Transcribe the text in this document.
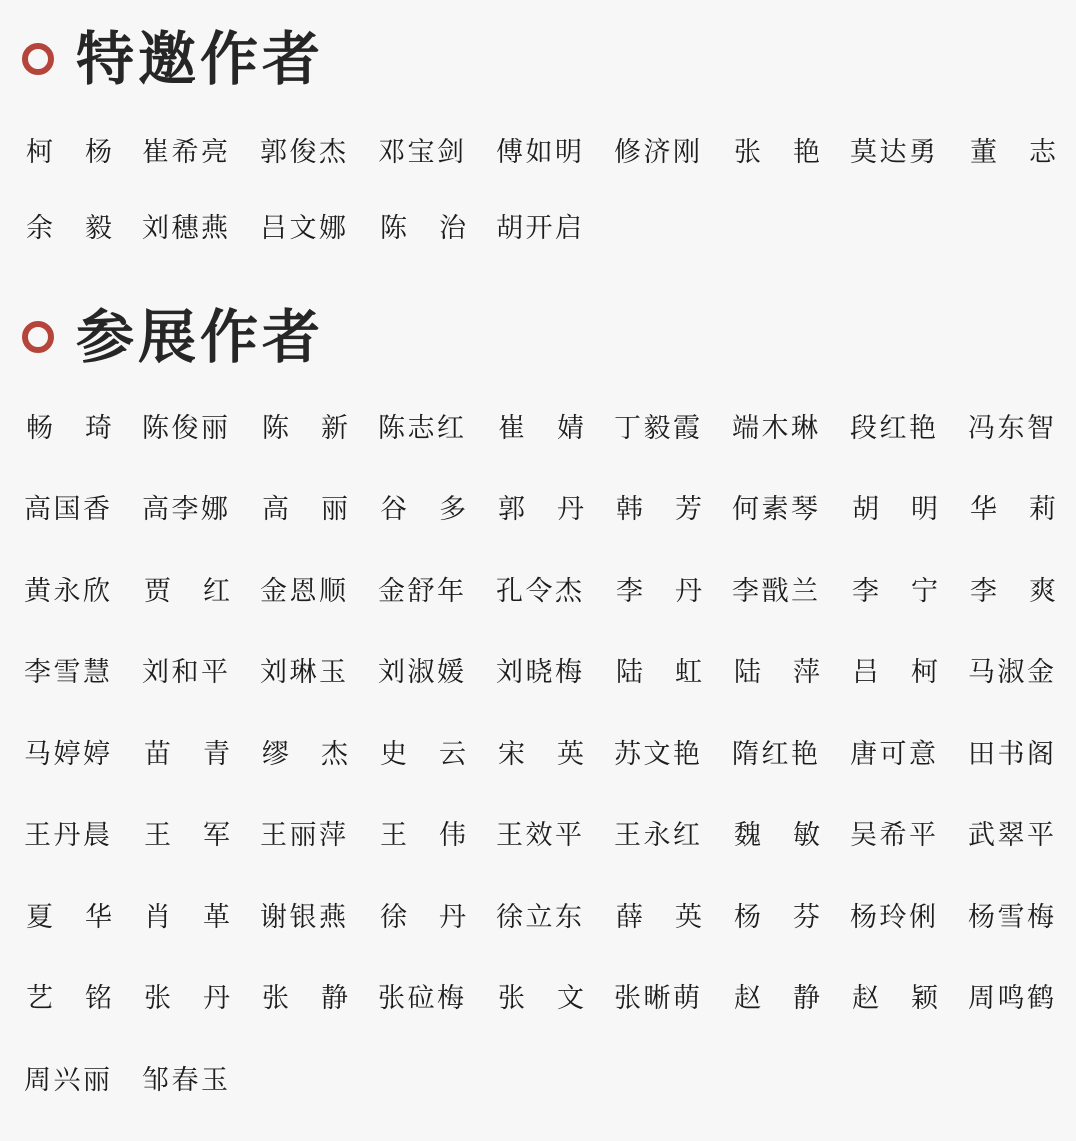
特邀作者
柯 杨 崔 希 亮 郭 俊 杰 邓 宝 剑 傅 如 明 修 济 刚 张 艳 莫 达 勇 董 志
余 毅 刘 穗 燕 吕 文 娜 陈 治 胡 开 启
参展作者
畅 琦 陈 俊 丽 陈 新 陈 志 红 崔 婧 丁 毅 霞 端 木 琳 段 红 艳 冯 东 智
高 国 香 高 李 娜 高 丽 谷 多 郭 丹 韩 芳 何 素 琴 胡 明 华 莉
黄 永 欣 贾 红 金 恩 顺 金 舒 年 孔 令 杰 李 丹 李 戬 兰 李 宁 李 爽
李 雪 慧 刘 和 平 刘 琳 玉 刘 淑 媛 刘 晓 梅 陆 虹 陆 萍 吕 柯 马 淑 金
马 婷 婷 苗 青 缪 杰 史 云 宋 英 苏 文 艳 隋 红 艳 唐 可 意 田 书 阁
王 丹 晨 王 军 王 丽 萍 王 伟 王 效 平 王 永 红 魏 敏 吴 希 平 武 翠 平
夏 华 肖 革 谢 银 燕 徐 丹 徐 立 东 薛 英 杨 芬 杨 玲 俐 杨 雪 梅
艺 铭 张 丹 张 静 张 砬 梅 张 文 张 晰 萌 赵 静 赵 颖 周 鸣 鹤
周 兴 丽 邹 春 玉
